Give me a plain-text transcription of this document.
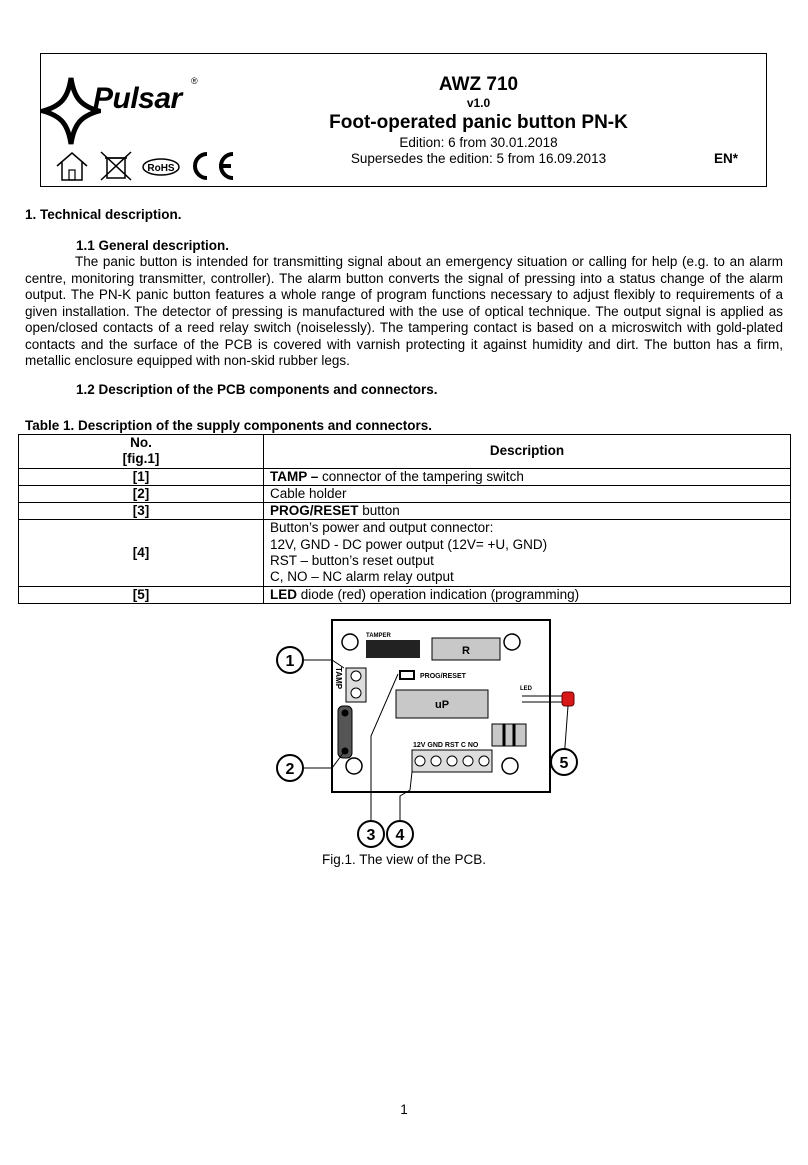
Pulsar
®
RoHS
AWZ 710
v1.0
Foot-operated panic button PN-K
Edition: 6 from 30.01.2018
Supersedes the edition: 5 from 16.09.2013	EN*
1. Technical description.
1.1 General description.
The panic button is intended for transmitting signal about an emergency situation or calling for help (e.g. to an alarm centre, monitoring transmitter, controller). The alarm button converts the signal of pressing into a status change of the alarm output. The PN-K panic button features a whole range of program functions necessary to adjust flexibly to requirements of a given installation. The detector of pressing is manufactured with the use of optical technique. The output signal is applied as open/closed contacts of a reed relay switch (noiselessly). The tampering contact is based on a microswitch with gold-plated contacts and the surface of the PCB is covered with varnish protecting it against humidity and dirt. The button has a firm, metallic enclosure equipped with non-skid rubber legs.
1.2 Description of the PCB components and connectors.
Table 1. Description of the supply components and connectors.
No.
[fig.1]	Description
[1]	TAMP – connector of the tampering switch
[2]	Cable holder
[3]	PROG/RESET button
[4]	Button’s power and output connector:
12V, GND - DC power output (12V= +U, GND)
RST – button’s reset output
C, NO – NC alarm relay output

[5]	LED diode (red) operation indication (programming)
TAMPER
R
TAMP	PROG/RESET
uP
LED
12V GND RST C NO
1
2
3 4
5
Fig.1. The view of the PCB.
1
